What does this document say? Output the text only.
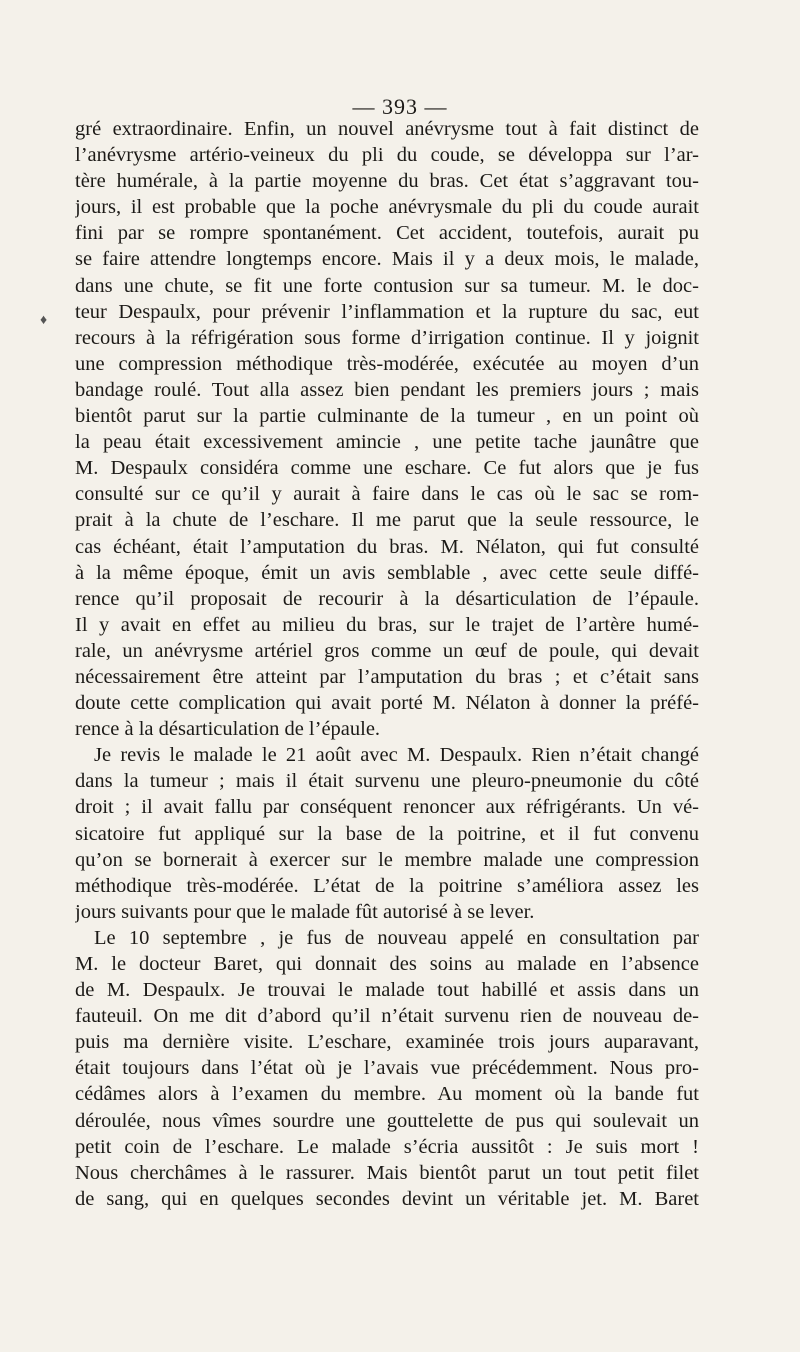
— 393 —
♦
gré extraordinaire. Enfin, un nouvel anévrysme tout à fait distinct de
l’anévrysme artério-veineux du pli du coude, se développa sur l’ar-
tère humérale, à la partie moyenne du bras. Cet état s’aggravant tou-
jours, il est probable que la poche anévrysmale du pli du coude aurait
fini par se rompre spontanément. Cet accident, toutefois, aurait pu
se faire attendre longtemps encore. Mais il y a deux mois, le malade,
dans une chute, se fit une forte contusion sur sa tumeur. M. le doc-
teur Despaulx, pour prévenir l’inflammation et la rupture du sac, eut
recours à la réfrigération sous forme d’irrigation continue. Il y joignit
une compression méthodique très-modérée, exécutée au moyen d’un
bandage roulé. Tout alla assez bien pendant les premiers jours ; mais
bientôt parut sur la partie culminante de la tumeur , en un point où
la peau était excessivement amincie , une petite tache jaunâtre que
M. Despaulx considéra comme une eschare. Ce fut alors que je fus
consulté sur ce qu’il y aurait à faire dans le cas où le sac se rom-
prait à la chute de l’eschare. Il me parut que la seule ressource, le
cas échéant, était l’amputation du bras. M. Nélaton, qui fut consulté
à la même époque, émit un avis semblable , avec cette seule diffé-
rence qu’il proposait de recourir à la désarticulation de l’épaule.
Il y avait en effet au milieu du bras, sur le trajet de l’artère humé-
rale, un anévrysme artériel gros comme un œuf de poule, qui devait
nécessairement être atteint par l’amputation du bras ; et c’était sans
doute cette complication qui avait porté M. Nélaton à donner la préfé-
rence à la désarticulation de l’épaule.
Je revis le malade le 21 août avec M. Despaulx. Rien n’était changé
dans la tumeur ; mais il était survenu une pleuro-pneumonie du côté
droit ; il avait fallu par conséquent renoncer aux réfrigérants. Un vé-
sicatoire fut appliqué sur la base de la poitrine, et il fut convenu
qu’on se bornerait à exercer sur le membre malade une compression
méthodique très-modérée. L’état de la poitrine s’améliora assez les
jours suivants pour que le malade fût autorisé à se lever.
Le 10 septembre , je fus de nouveau appelé en consultation par
M. le docteur Baret, qui donnait des soins au malade en l’absence
de M. Despaulx. Je trouvai le malade tout habillé et assis dans un
fauteuil. On me dit d’abord qu’il n’était survenu rien de nouveau de-
puis ma dernière visite. L’eschare, examinée trois jours auparavant,
était toujours dans l’état où je l’avais vue précédemment. Nous pro-
cédâmes alors à l’examen du membre. Au moment où la bande fut
déroulée, nous vîmes sourdre une gouttelette de pus qui soulevait un
petit coin de l’eschare. Le malade s’écria aussitôt : Je suis mort !
Nous cherchâmes à le rassurer. Mais bientôt parut un tout petit filet
de sang, qui en quelques secondes devint un véritable jet. M. Baret
